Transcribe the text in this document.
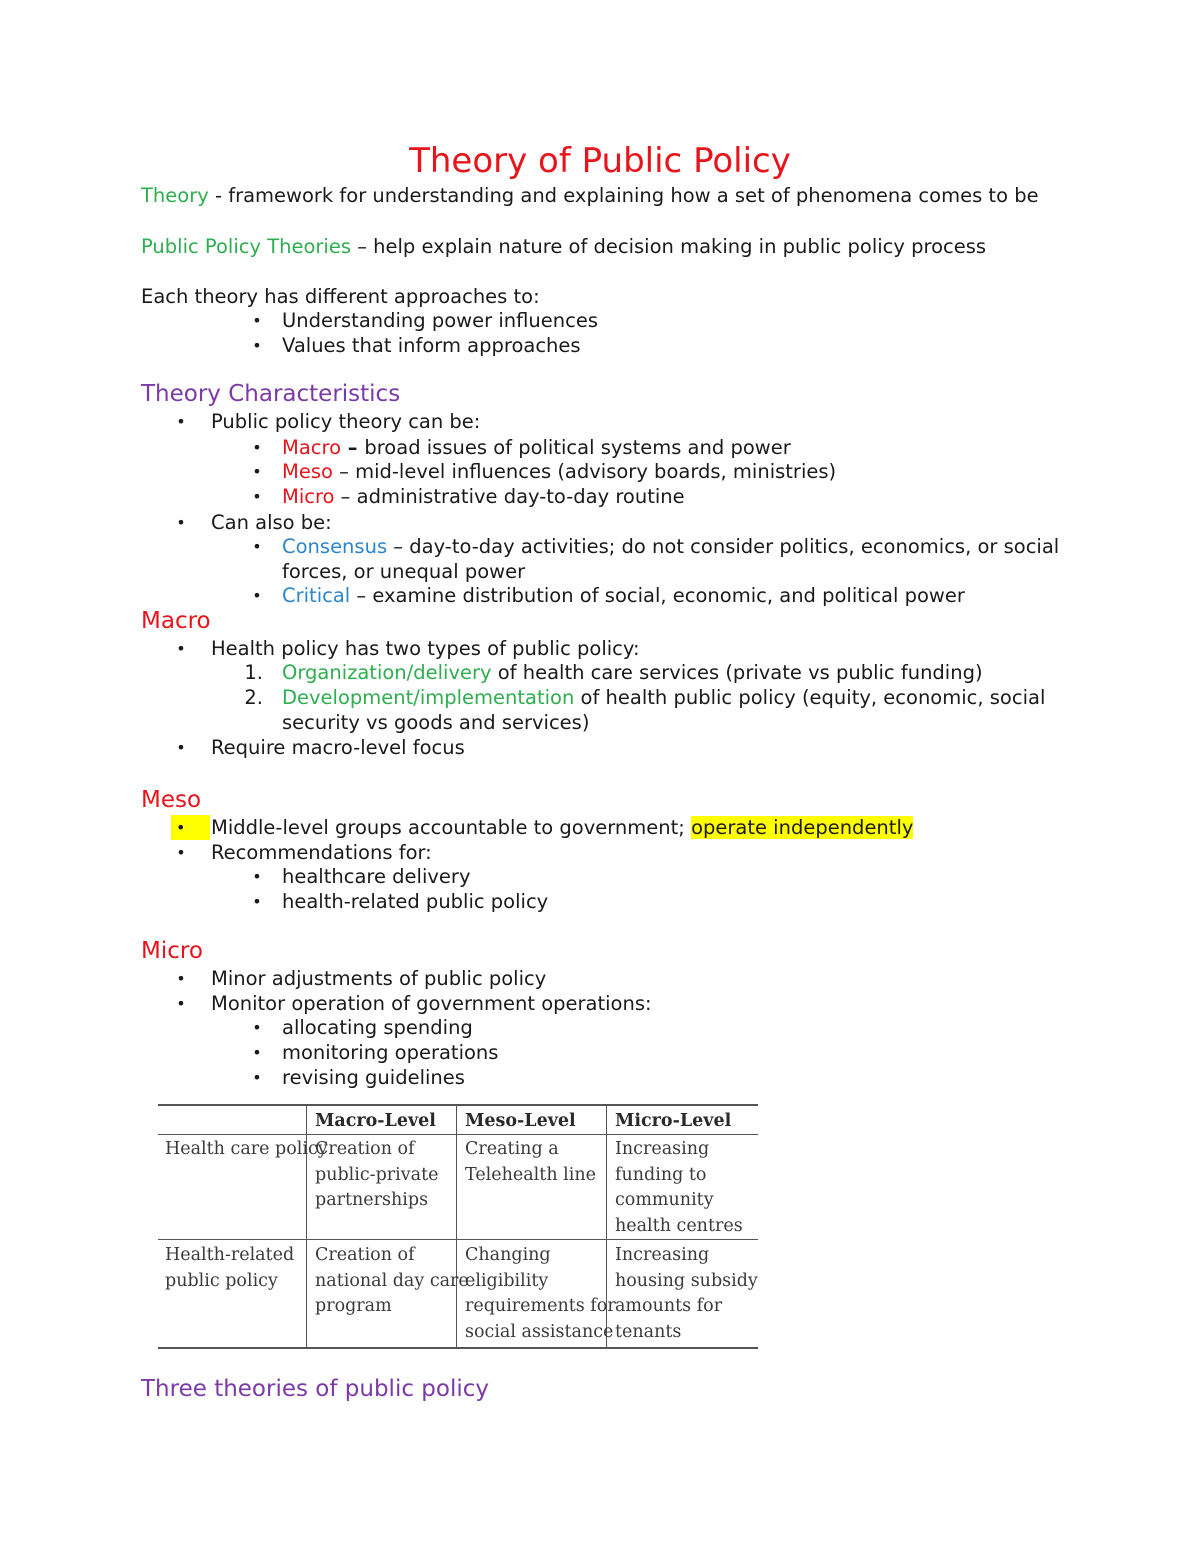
Theory of Public Policy
Theory - framework for understanding and explaining how a set of phenomena comes to be
Public Policy Theories – help explain nature of decision making in public policy process
Each theory has different approaches to:
• Understanding power influences
• Values that inform approaches
Theory Characteristics
• Public policy theory can be:
• Macro – broad issues of political systems and power
• Meso – mid-level influences (advisory boards, ministries)
• Micro – administrative day-to-day routine
• Can also be:
• Consensus – day-to-day activities; do not consider politics, economics, or social
forces, or unequal power
• Critical – examine distribution of social, economic, and political power
Macro
• Health policy has two types of public policy:
1. Organization/delivery of health care services (private vs public funding)
2. Development/implementation of health public policy (equity, economic, social
security vs goods and services)
• Require macro-level focus
Meso
•	Middle-level groups accountable to government; operate independently
• Recommendations for:
• healthcare delivery
• health-related public policy
Micro
• Minor adjustments of public policy
• Monitor operation of government operations:
• allocating spending
• monitoring operations
• revising guidelines
Macro-Level Meso-Level Micro-Level
Health care policy
Creation of
public-private
partnerships
Creating a
Telehealth line
Increasing
funding to
community
health centres
Health-related
public policy
Creation of
national day care
program
Changing
eligibility
requirements for
social assistance
Increasing
housing subsidy
amounts for
tenants
Three theories of public policy
